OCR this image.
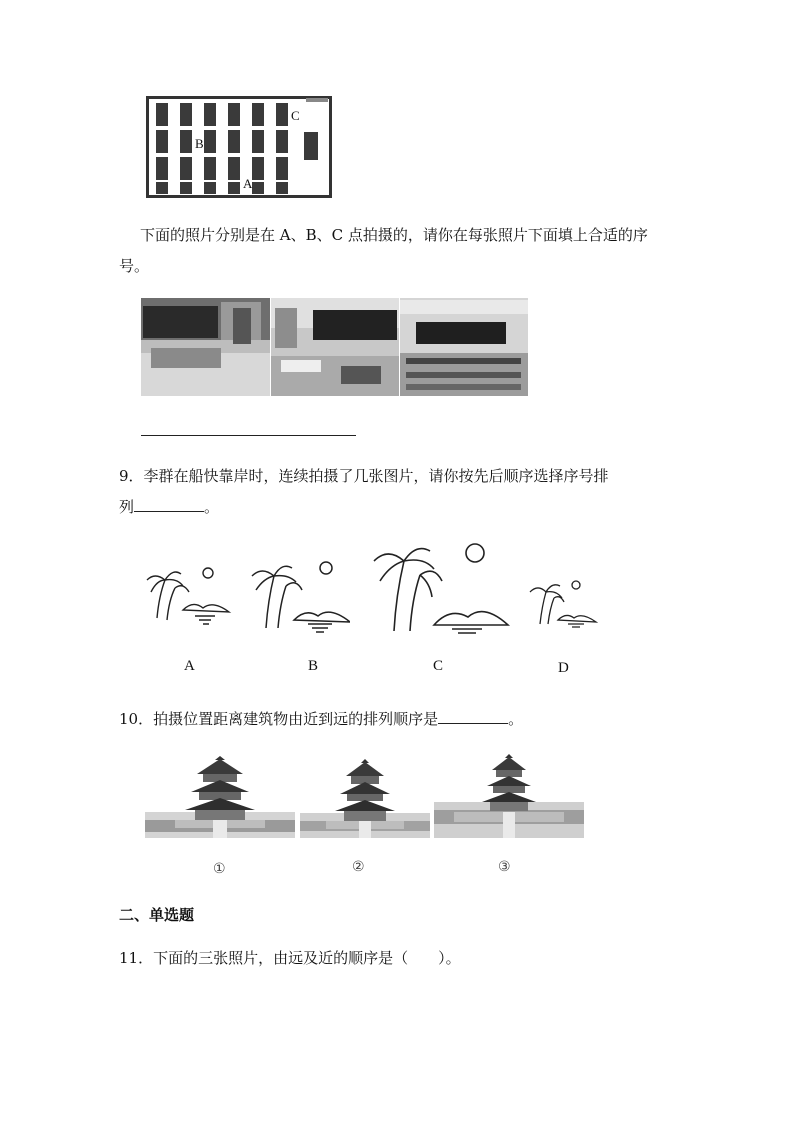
B
A
C
下面的照片分别是在 A、B、C 点拍摄的，请你在每张照片下面填上合适的序
号。
9．李群在船快靠岸时，连续拍摄了几张图片，请你按先后顺序选择序号排
列	。
A	B	C	D
10．拍摄位置距离建筑物由近到远的排列顺序是	。
①	②	③
二、单选题
11．下面的三张照片，由远及近的顺序是（　　）。
